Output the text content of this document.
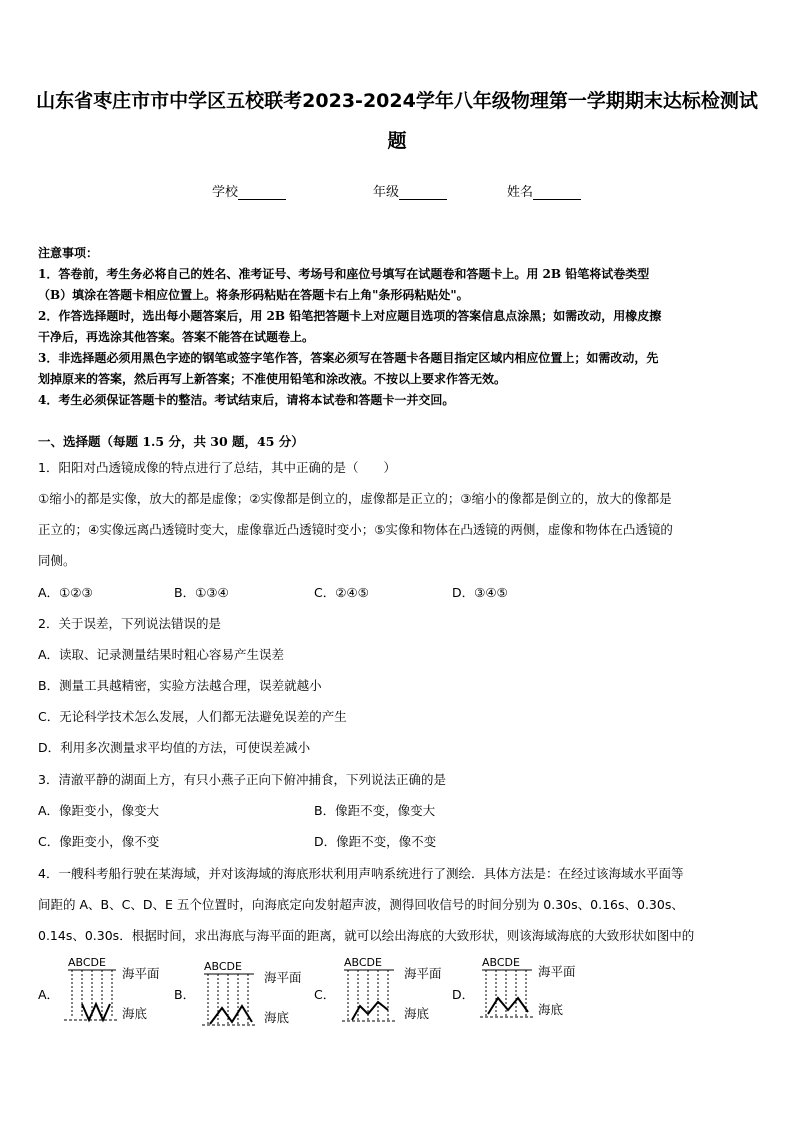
山东省枣庄市市中学区五校联考2023-2024学年八年级物理第一学期期末达标检测试
题
学校	年级	姓名
注意事项：
1．答卷前，考生务必将自己的姓名、准考证号、考场号和座位号填写在试题卷和答题卡上。用 2B 铅笔将试卷类型
（B）填涂在答题卡相应位置上。将条形码粘贴在答题卡右上角"条形码粘贴处"。
2．作答选择题时，选出每小题答案后，用 2B 铅笔把答题卡上对应题目选项的答案信息点涂黑；如需改动，用橡皮擦
干净后，再选涂其他答案。答案不能答在试题卷上。
3．非选择题必须用黑色字迹的钢笔或签字笔作答，答案必须写在答题卡各题目指定区域内相应位置上；如需改动，先
划掉原来的答案，然后再写上新答案；不准使用铅笔和涂改液。不按以上要求作答无效。
4．考生必须保证答题卡的整洁。考试结束后，请将本试卷和答题卡一并交回。
一、选择题（每题 1.5 分，共 30 题，45 分）
1．阳阳对凸透镜成像的特点进行了总结，其中正确的是（　　）
①缩小的都是实像，放大的都是虚像；②实像都是倒立的，虚像都是正立的；③缩小的像都是倒立的，放大的像都是
正立的；④实像远离凸透镜时变大，虚像靠近凸透镜时变小；⑤实像和物体在凸透镜的两侧，虚像和物体在凸透镜的
同侧。
A．①②③	B．①③④	C．②④⑤	D．③④⑤
2．关于误差，下列说法错误的是
A．读取、记录测量结果时粗心容易产生误差
B．测量工具越精密，实验方法越合理，误差就越小
C．无论科学技术怎么发展，人们都无法避免误差的产生
D．利用多次测量求平均值的方法，可使误差减小
3．清澈平静的湖面上方，有只小燕子正向下俯冲捕食，下列说法正确的是
A．像距变小，像变大	B．像距不变，像变大
C．像距变小，像不变	D．像距不变，像不变
4．一艘科考船行驶在某海域，并对该海域的海底形状利用声呐系统进行了测绘．具体方法是：在经过该海域水平面等
间距的 A、B、C、D、E 五个位置时，向海底定向发射超声波，测得回收信号的时间分别为 0.30s、0.16s、0.30s、
0.14s、0.30s．根据时间，求出海底与海平面的距离，就可以绘出海底的大致形状，则该海域海底的大致形状如图中的
A．	B．	C．	D．
ABCDE
海平面
海底
ABCDE
海平面
海底
ABCDE
海平面
海底
ABCDE
海平面
海底
